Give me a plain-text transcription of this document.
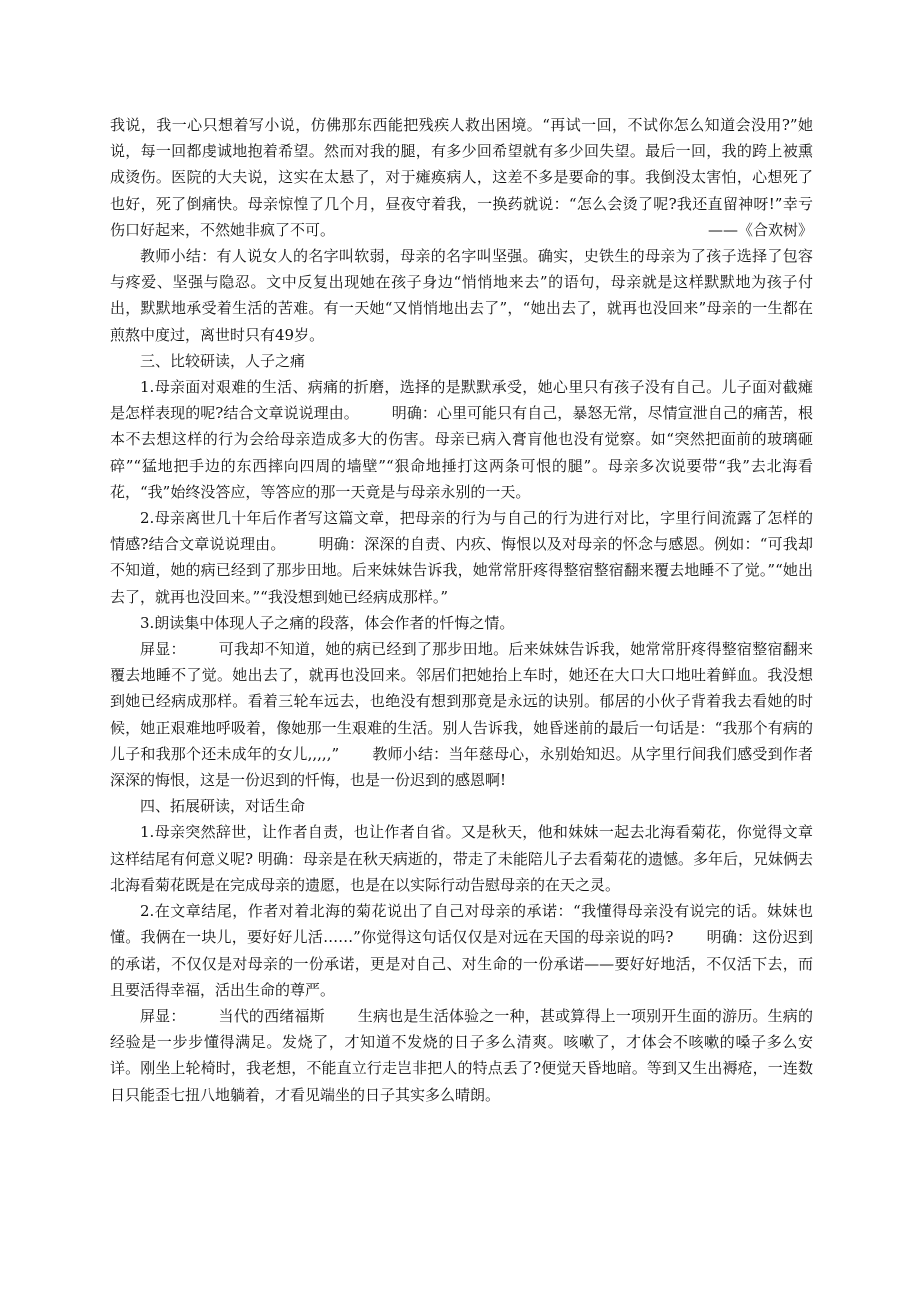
我说，我一心只想着写小说，仿佛那东西能把残疾人救出困境。“再试一回，不试你怎么知道会没用?”她说，每一回都虔诚地抱着希望。然而对我的腿，有多少回希望就有多少回失望。最后一回，我的跨上被熏成烫伤。医院的大夫说，这实在太悬了，对于瘫痪病人，这差不多是要命的事。我倒没太害怕，心想死了也好，死了倒痛快。母亲惊惶了几个月，昼夜守着我，一换药就说：“怎么会烫了呢?我还直留神呀!”幸亏伤口好起来，不然她非疯了不可。	——《合欢树》

教师小结：有人说女人的名字叫软弱，母亲的名字叫坚强。确实，史铁生的母亲为了孩子选择了包容与疼爱、坚强与隐忍。文中反复出现她在孩子身边“悄悄地来去”的语句，母亲就是这样默默地为孩子付出，默默地承受着生活的苦难。有一天她“又悄悄地出去了”，“她出去了，就再也没回来”母亲的一生都在煎熬中度过，离世时只有49岁。

三、比较研读，人子之痛

1.母亲面对艰难的生活、病痛的折磨，选择的是默默承受，她心里只有孩子没有自己。儿子面对截瘫是怎样表现的呢?结合文章说说理由。 明确：心里可能只有自己，暴怒无常，尽情宣泄自己的痛苦，根本不去想这样的行为会给母亲造成多大的伤害。母亲已病入膏肓他也没有觉察。如“突然把面前的玻璃砸碎”“猛地把手边的东西摔向四周的墙壁”“狠命地捶打这两条可恨的腿”。母亲多次说要带“我”去北海看花，“我”始终没答应，等答应的那一天竟是与母亲永别的一天。

2.母亲离世几十年后作者写这篇文章，把母亲的行为与自己的行为进行对比，字里行间流露了怎样的情感?结合文章说说理由。 明确：深深的自责、内疚、悔恨以及对母亲的怀念与感恩。例如：“可我却不知道，她的病已经到了那步田地。后来妹妹告诉我，她常常肝疼得整宿整宿翻来覆去地睡不了觉。”“她出去了，就再也没回来。”“我没想到她已经病成那样。”

3.朗读集中体现人子之痛的段落，体会作者的忏悔之情。

屏显： 可我却不知道，她的病已经到了那步田地。后来妹妹告诉我，她常常肝疼得整宿整宿翻来覆去地睡不了觉。她出去了，就再也没回来。邻居们把她抬上车时，她还在大口大口地吐着鲜血。我没想到她已经病成那样。看着三轮车远去，也绝没有想到那竟是永远的诀别。郁居的小伙子背着我去看她的时候，她正艰难地呼吸着，像她那一生艰难的生活。别人告诉我，她昏迷前的最后一句话是：“我那个有病的儿子和我那个还未成年的女儿,,,,,” 教师小结：当年慈母心，永别始知迟。从字里行间我们感受到作者深深的悔恨，这是一份迟到的忏悔，也是一份迟到的感恩啊!

四、拓展研读，对话生命

1.母亲突然辞世，让作者自责，也让作者自省。又是秋天，他和妹妹一起去北海看菊花，你觉得文章这样结尾有何意义呢? 明确：母亲是在秋天病逝的，带走了未能陪儿子去看菊花的遗憾。多年后，兄妹俩去北海看菊花既是在完成母亲的遗愿，也是在以实际行动告慰母亲的在天之灵。

2.在文章结尾，作者对着北海的菊花说出了自己对母亲的承诺：“我懂得母亲没有说完的话。妹妹也懂。我俩在一块儿，要好好儿活……”你觉得这句话仅仅是对远在天国的母亲说的吗? 明确：这份迟到的承诺，不仅仅是对母亲的一份承诺，更是对自己、对生命的一份承诺——要好好地活，不仅活下去，而且要活得幸福，活出生命的尊严。

屏显： 当代的西绪福斯 生病也是生活体验之一种，甚或算得上一项别开生面的游历。生病的经验是一步步懂得满足。发烧了，才知道不发烧的日子多么清爽。咳嗽了，才体会不咳嗽的嗓子多么安详。刚坐上轮椅时，我老想，不能直立行走岂非把人的特点丢了?便觉天昏地暗。等到又生出褥疮，一连数日只能歪七扭八地躺着，才看见端坐的日子其实多么晴朗。
